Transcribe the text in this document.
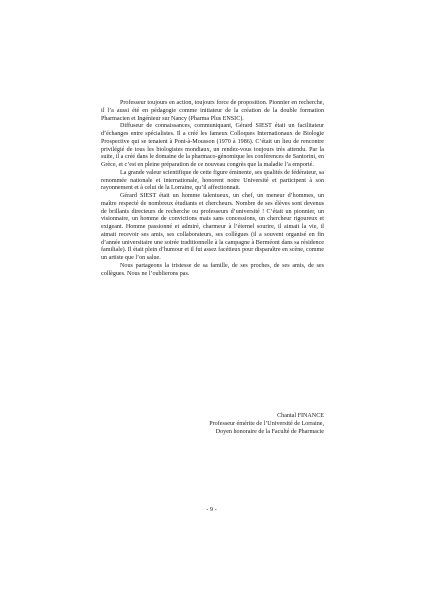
Professeur toujours en action, toujours force de proposition. Pionnier en recherche, il l’a aussi été en pédagogie comme initiateur de la création de la double formation Pharmacien et Ingénieur sur Nancy (Pharma Plus ENSIC).

Diffuseur de connaissances, communiquant, Gérard SIEST était un facilitateur d’échanges entre spécialistes. Il a créé les fameux Colloques Internationaux de Biologie Prospective qui se tenaient à Pont-à-Mousson (1970 à 1986). C’était un lieu de rencontre privilégié de tous les biologistes mondiaux, un rendez-vous toujours très attendu. Par la suite, il a créé dans le domaine de la pharmaco-génomique les conférences de Santorini, en Grèce, et c’est en pleine préparation de ce nouveau congrès que la maladie l’a emporté.

La grande valeur scientifique de cette figure éminente, ses qualités de fédérateur, sa renommée nationale et internationale, honorent notre Université et participent à son rayonnement et à celui de la Lorraine, qu’il affectionnait.

Gérard SIEST était un homme talentueux, un chef, un meneur d’hommes, un maître respecté de nombreux étudiants et chercheurs. Nombre de ses élèves sont devenus de brillants directeurs de recherche ou professeurs d’université ! C’était un pionnier, un visionnaire, un homme de convictions mais sans concessions, un chercheur rigoureux et exigeant. Homme passionné et admiré, charmeur à l’éternel sourire, il aimait la vie, il aimait recevoir ses amis, ses collaborateurs, ses collègues (il a souvent organisé en fin d’année universitaire une soirée traditionnelle à la campagne à Berméont dans sa résidence familiale). Il était plein d’humour et il fut assez facétieux pour disparaître en scène, comme un artiste que l’on salue.

Nous partageons la tristesse de sa famille, de ses proches, de ses amis, de ses collègues. Nous ne l’oublierons pas.

Chantal FINANCE
Professeur émérite de l’Université de Lorraine,
Doyen honoraire de la Faculté de Pharmacie
- 9 -
